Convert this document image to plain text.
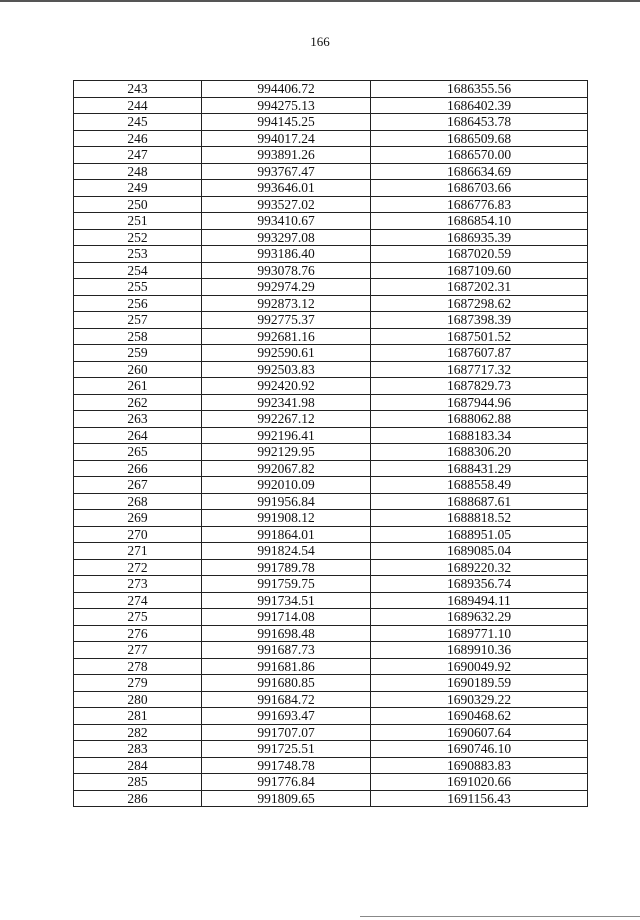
166
243	994406.72	1686355.56
244	994275.13	1686402.39
245	994145.25	1686453.78
246	994017.24	1686509.68
247	993891.26	1686570.00
248	993767.47	1686634.69
249	993646.01	1686703.66
250	993527.02	1686776.83
251	993410.67	1686854.10
252	993297.08	1686935.39
253	993186.40	1687020.59
254	993078.76	1687109.60
255	992974.29	1687202.31
256	992873.12	1687298.62
257	992775.37	1687398.39
258	992681.16	1687501.52
259	992590.61	1687607.87
260	992503.83	1687717.32
261	992420.92	1687829.73
262	992341.98	1687944.96
263	992267.12	1688062.88
264	992196.41	1688183.34
265	992129.95	1688306.20
266	992067.82	1688431.29
267	992010.09	1688558.49
268	991956.84	1688687.61
269	991908.12	1688818.52
270	991864.01	1688951.05
271	991824.54	1689085.04
272	991789.78	1689220.32
273	991759.75	1689356.74
274	991734.51	1689494.11
275	991714.08	1689632.29
276	991698.48	1689771.10
277	991687.73	1689910.36
278	991681.86	1690049.92
279	991680.85	1690189.59
280	991684.72	1690329.22
281	991693.47	1690468.62
282	991707.07	1690607.64
283	991725.51	1690746.10
284	991748.78	1690883.83
285	991776.84	1691020.66
286	991809.65	1691156.43
